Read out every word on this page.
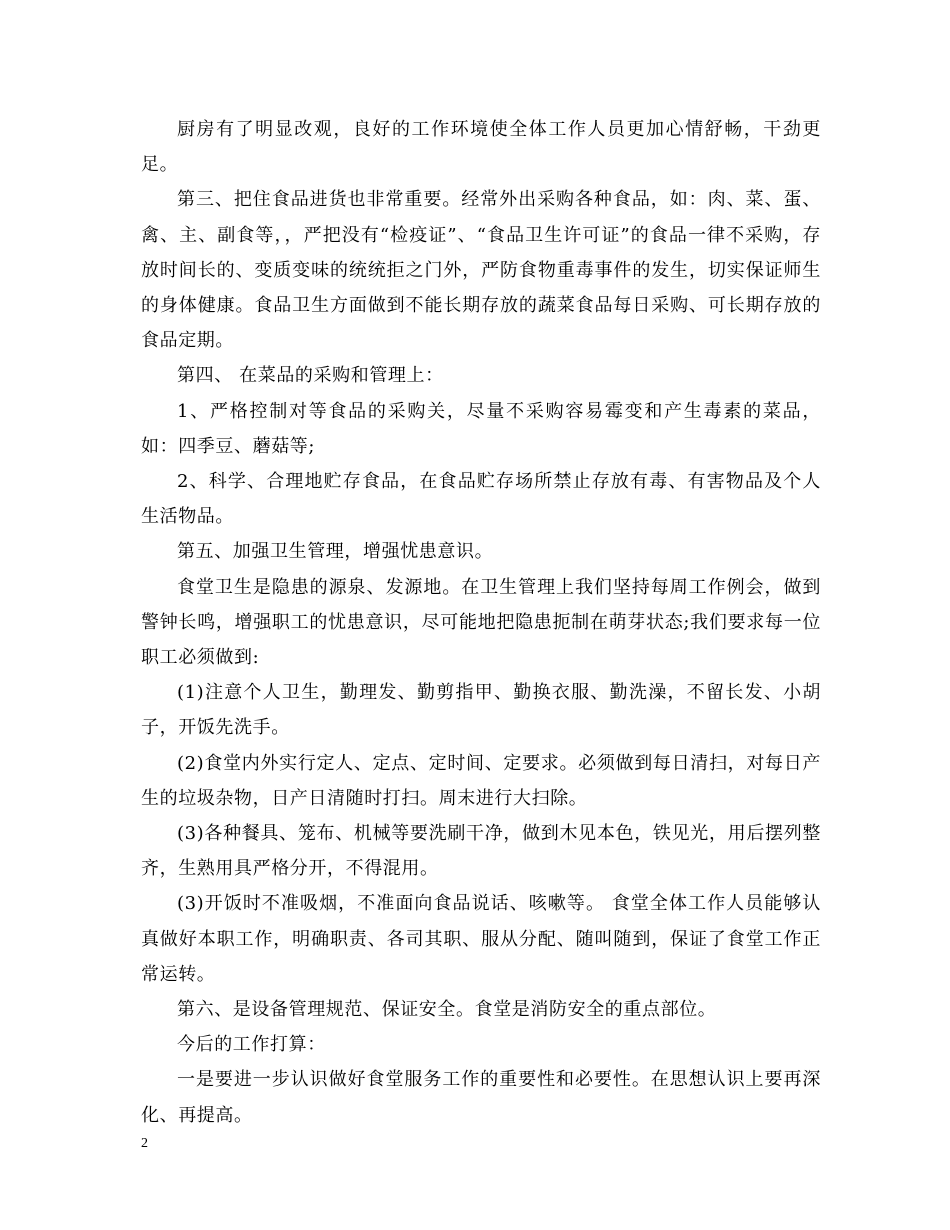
厨房有了明显改观，良好的工作环境使全体工作人员更加心情舒畅，干劲更足。

第三、把住食品进货也非常重要。经常外出采购各种食品，如：肉、菜、蛋、禽、主、副食等，，严把没有“检疫证”、“食品卫生许可证”的食品一律不采购，存放时间长的、变质变味的统统拒之门外，严防食物重毒事件的发生，切实保证师生的身体健康。食品卫生方面做到不能长期存放的蔬菜食品每日采购、可长期存放的食品定期。

第四、 在菜品的采购和管理上：

1、严格控制对等食品的采购关，尽量不采购容易霉变和产生毒素的菜品，如：四季豆、蘑菇等;

2、科学、合理地贮存食品，在食品贮存场所禁止存放有毒、有害物品及个人生活物品。

第五、加强卫生管理，增强忧患意识。

食堂卫生是隐患的源泉、发源地。在卫生管理上我们坚持每周工作例会，做到警钟长鸣，增强职工的忧患意识，尽可能地把隐患扼制在萌芽状态;我们要求每一位职工必须做到:

(1)注意个人卫生，勤理发、勤剪指甲、勤换衣服、勤洗澡，不留长发、小胡子，开饭先洗手。

(2)食堂内外实行定人、定点、定时间、定要求。必须做到每日清扫，对每日产生的垃圾杂物，日产日清随时打扫。周末进行大扫除。

(3)各种餐具、笼布、机械等要洗刷干净，做到木见本色，铁见光，用后摆列整齐，生熟用具严格分开，不得混用。

(3)开饭时不准吸烟，不准面向食品说话、咳嗽等。 食堂全体工作人员能够认真做好本职工作，明确职责、各司其职、服从分配、随叫随到，保证了食堂工作正常运转。

第六、是设备管理规范、保证安全。食堂是消防安全的重点部位。

今后的工作打算：

一是要进一步认识做好食堂服务工作的重要性和必要性。在思想认识上要再深化、再提高。

2
